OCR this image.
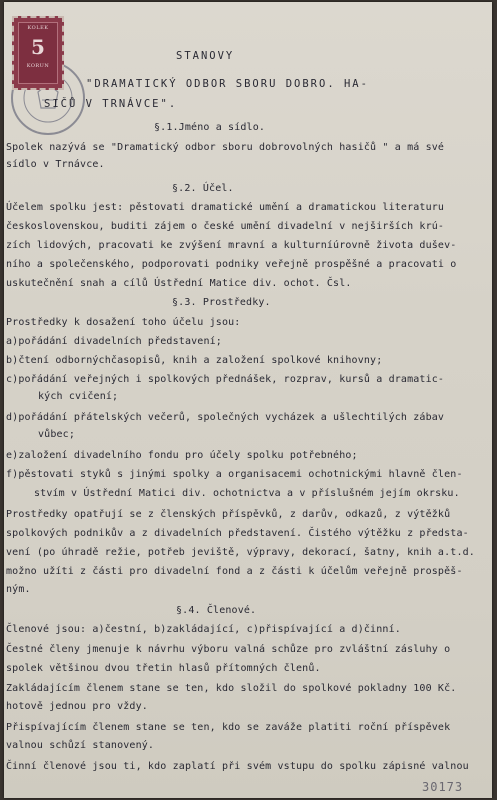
KOLEK
5
KORUN
STANOVY
"DRAMATICKÝ ODBOR SBORU DOBRO. HA-
SIČŮ V TRNÁVCE".
§.1.Jméno a sídlo.
Spolek nazývá se "Dramatický odbor sboru dobrovolných hasičů " a má své
sídlo v Trnávce.
§.2. Účel.
Účelem spolku jest: pěstovati dramatické umění a dramatickou literaturu
československou, buditi zájem o české umění divadelní v nejširších krú-
zích lidových, pracovati ke zvýšení mravní a kulturníúrovně života dušev-
ního a společenského, podporovati podniky veřejně prospěšné a pracovati o
uskutečnění snah a cílů Ústřední Matice div. ochot. Čsl.
§.3. Prostředky.
Prostředky k dosažení toho účelu jsou:
a)pořádání divadelních představení;
b)čtení odbornýchčasopisů, knih a založení spolkové knihovny;
c)pořádání veřejných i spolkových přednášek, rozprav, kursů a dramatic-
kých cvičení;
d)pořádání přátelských večerů, společných vycházek a ušlechtilých zábav
vůbec;
e)založení divadelního fondu pro účely spolku potřebného;
f)pěstovati styků s jinými spolky a organisacemi ochotnickými hlavně člen-
stvím v Ústřední Matici div. ochotnictva a v příslušném jejím okrsku.
Prostředky opatřují se z členských příspěvků, z darův, odkazů, z výtěžků
spolkových podnikův a z divadelních představení. Čistého výtěžku z předsta-
vení (po úhradě režie, potřeb jeviště, výpravy, dekorací, šatny, knih a.t.d.
možno užíti z části pro divadelní fond a z části k účelům veřejně prospěš-
ným.
§.4. Členové.
Členové jsou: a)čestní, b)zakládající, c)přispívající a d)činní.
Čestné členy jmenuje k návrhu výboru valná schůze pro zvláštní zásluhy o
spolek většinou dvou třetin hlasů přítomných členů.
Zakládajícím členem stane se ten, kdo složil do spolkové pokladny 100 Kč.
hotově jednou pro vždy.
Přispívajícím členem stane se ten, kdo se zaváže platiti roční příspěvek
valnou schůzí stanovený.
Činní členové jsou ti, kdo zaplatí při svém vstupu do spolku zápisné valnou
30173
